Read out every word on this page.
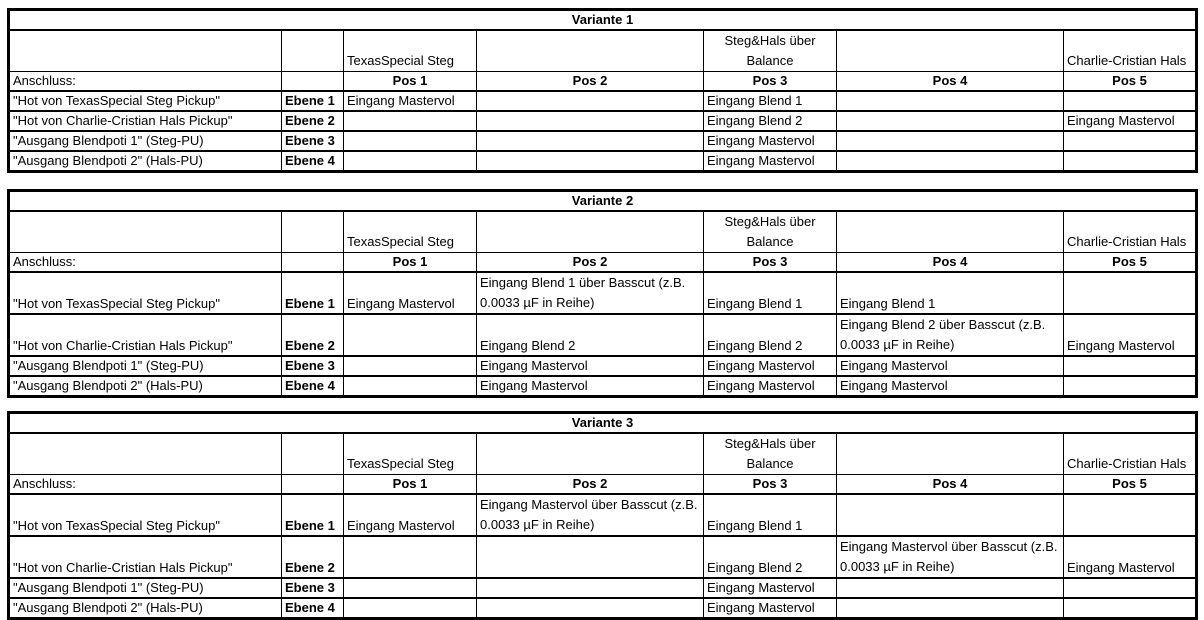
Variante 1						
		TexasSpecial Steg		Steg&Hals über Balance		Charlie-Cristian Hals
Anschluss:		Pos 1	Pos 2	Pos 3	Pos 4	Pos 5
"Hot von TexasSpecial Steg Pickup"	Ebene 1	Eingang Mastervol		Eingang Blend 1		
"Hot von Charlie-Cristian Hals Pickup"	Ebene 2			Eingang Blend 2		Eingang Mastervol
"Ausgang Blendpoti 1" (Steg-PU)	Ebene 3			Eingang Mastervol		
"Ausgang Blendpoti 2" (Hals-PU)	Ebene 4			Eingang Mastervol		
Variante 2						
		TexasSpecial Steg		Steg&Hals über Balance		Charlie-Cristian Hals
Anschluss:		Pos 1	Pos 2	Pos 3	Pos 4	Pos 5
"Hot von TexasSpecial Steg Pickup"	Ebene 1	Eingang Mastervol	Eingang Blend 1 über Basscut (z.B. 0.0033 µF in Reihe)	Eingang Blend 1	Eingang Blend 1	
"Hot von Charlie-Cristian Hals Pickup"	Ebene 2		Eingang Blend 2	Eingang Blend 2	Eingang Blend 2 über Basscut (z.B. 0.0033 µF in Reihe)	Eingang Mastervol
"Ausgang Blendpoti 1" (Steg-PU)	Ebene 3		Eingang Mastervol	Eingang Mastervol	Eingang Mastervol	
"Ausgang Blendpoti 2" (Hals-PU)	Ebene 4		Eingang Mastervol	Eingang Mastervol	Eingang Mastervol	
Variante 3						
		TexasSpecial Steg		Steg&Hals über Balance		Charlie-Cristian Hals
Anschluss:		Pos 1	Pos 2	Pos 3	Pos 4	Pos 5
"Hot von TexasSpecial Steg Pickup"	Ebene 1	Eingang Mastervol	Eingang Mastervol über Basscut (z.B. 0.0033 µF in Reihe)	Eingang Blend 1		
"Hot von Charlie-Cristian Hals Pickup"	Ebene 2			Eingang Blend 2	Eingang Mastervol über Basscut (z.B. 0.0033 µF in Reihe)	Eingang Mastervol
"Ausgang Blendpoti 1" (Steg-PU)	Ebene 3			Eingang Mastervol		
"Ausgang Blendpoti 2" (Hals-PU)	Ebene 4			Eingang Mastervol		
